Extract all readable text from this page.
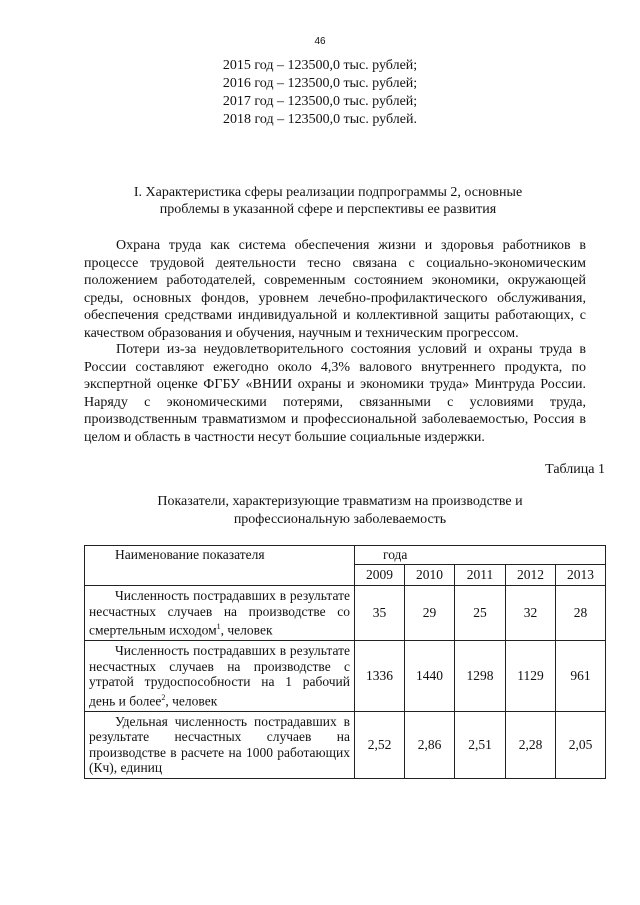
46
2015 год – 123500,0 тыс. рублей;
2016 год – 123500,0 тыс. рублей;
2017 год – 123500,0 тыс. рублей;
2018 год – 123500,0 тыс. рублей.
I. Характеристика сферы реализации подпрограммы 2, основные
проблемы в указанной сфере и перспективы ее развития

Охрана труда как система обеспечения жизни и здоровья работников в процессе трудовой деятельности тесно связана с социально-экономическим положением работодателей, современным состоянием экономики, окружающей среды, основных фондов, уровнем лечебно-профилактического обслуживания, обеспечения средствами индивидуальной и коллективной защиты работающих, с качеством образования и обучения, научным и техническим прогрессом.

Потери из-за неудовлетворительного состояния условий и охраны труда в России составляют ежегодно около 4,3% валового внутреннего продукта, по экспертной оценке ФГБУ «ВНИИ охраны и экономики труда» Минтруда России. Наряду с экономическими потерями, связанными с условиями труда, производственным травматизмом и профессиональной заболеваемостью, Россия в целом и область в частности несут большие социальные издержки.

Таблица 1
Показатели, характеризующие травматизм на производстве и
профессиональную заболеваемость
Наименование показателя	года				
	2009	2010	2011	2012	2013

Численность пострадавших в результате несчастных случаев на производстве со смертельным исходом$^1$, человек	35	29	25	32	28

Численность пострадавших в результате несчастных случаев на производстве с утратой трудоспособности на 1 рабочий день и более$^2$, человек	1336	1440	1298	1129	961

Удельная численность пострадавших в результате несчастных случаев на производстве в расчете на 1000 работающих (Кч), единиц	2,52	2,86	2,51	2,28	2,05
